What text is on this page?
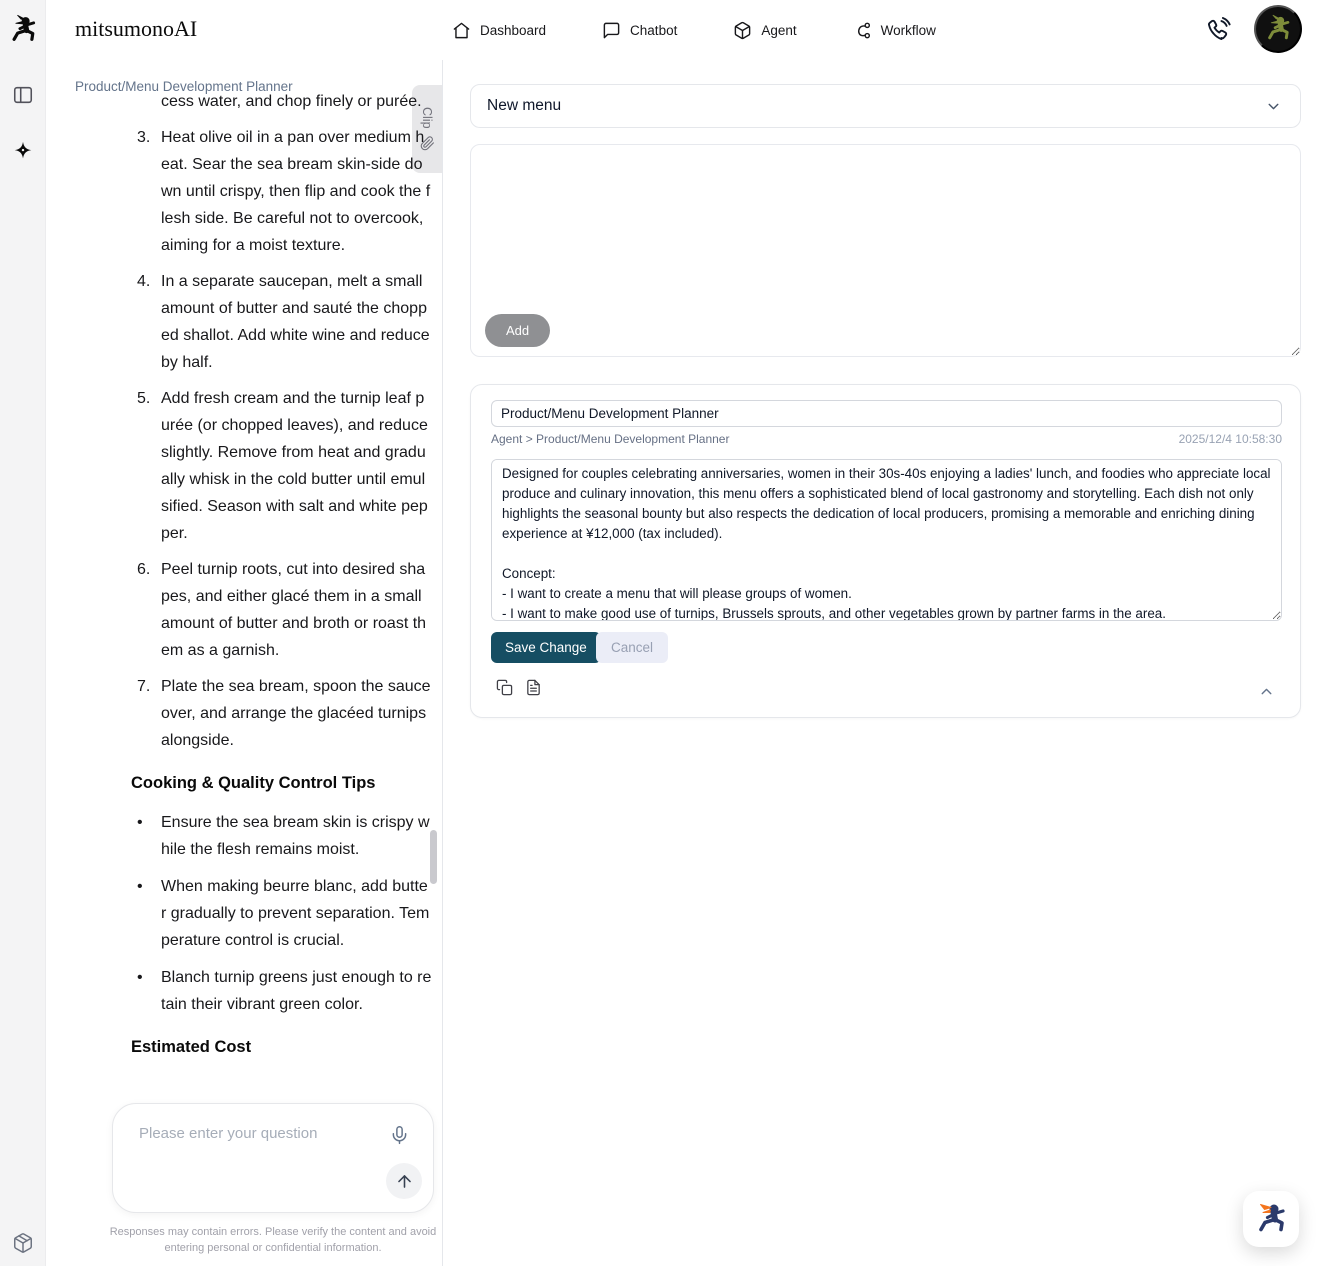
mitsumonoAI	Dashboard	Chatbot	Agent	Workflow
Product/Menu Development Planner
Clip

cess water, and chop finely or purée.

3. Heat olive oil in a pan over medium heat. Sear the sea bream skin-side down until crispy, then flip and cook the flesh side. Be careful not to overcook, aiming for a moist texture.
4. In a separate saucepan, melt a small amount of butter and sauté the chopped shallot. Add white wine and reduce by half.
5. Add fresh cream and the turnip leaf purée (or chopped leaves), and reduce slightly. Remove from heat and gradually whisk in the cold butter until emulsified. Season with salt and white pepper.
6. Peel turnip roots, cut into desired shapes, and either glacé them in a small amount of butter and broth or roast them as a garnish.
7. Plate the sea bream, spoon the sauce over, and arrange the glacéed turnips alongside.
Cooking & Quality Control Tips
•
Ensure the sea bream skin is crispy while the flesh remains moist.
•
When making beurre blanc, add butter gradually to prevent separation. Temperature control is crucial.
•
Blanch turnip greens just enough to retain their vibrant green color.
Estimated Cost
Please enter your question
Responses may contain errors. Please verify the content and avoid entering personal or confidential information.
New menu
Add
Product/Menu Development Planner
Agent > Product/Menu Development Planner	2025/12/4 10:58:30
Designed for couples celebrating anniversaries, women in their 30s-40s enjoying a ladies' lunch, and foodies who appreciate local produce and culinary innovation, this menu offers a sophisticated blend of local gastronomy and storytelling. Each dish not only highlights the seasonal bounty but also respects the dedication of local producers, promising a memorable and enriching dining experience at ¥12,000 (tax included). Concept: - I want to create a menu that will please groups of women. - I want to make good use of turnips, Brussels sprouts, and other vegetables grown by partner farms in the area.
Save Change	Cancel
